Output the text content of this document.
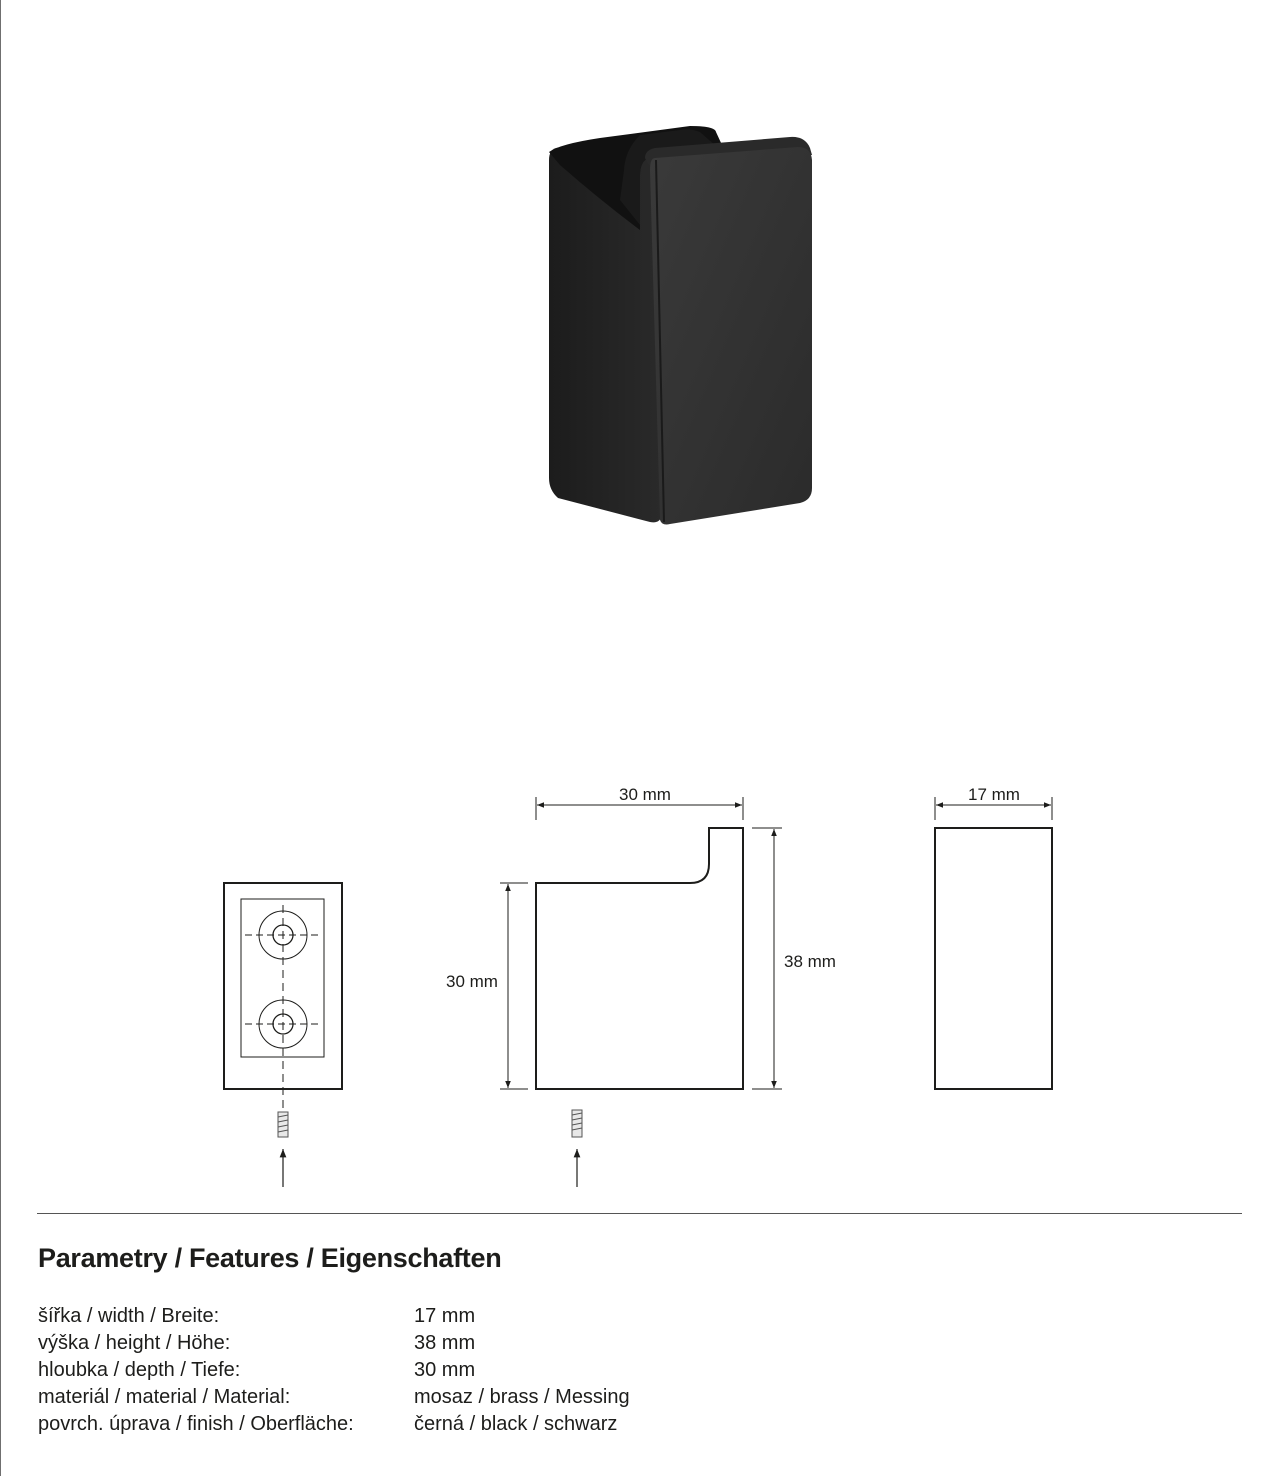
30 mm
30 mm
38 mm
17 mm
Parametry / Features / Eigenschaften
šířka / width / Breite:	17 mm
výška / height / Höhe:	38 mm
hloubka / depth / Tiefe:	30 mm
materiál / material / Material:	mosaz / brass / Messing
povrch. úprava / finish / Oberfläche:	černá / black / schwarz
